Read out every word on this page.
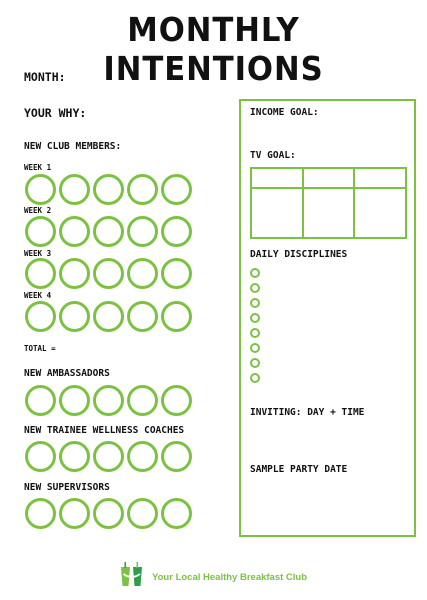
MONTHLY INTENTIONS
MONTH:
YOUR WHY:
NEW CLUB MEMBERS:
WEEK 1
WEEK 2
WEEK 3
WEEK 4
TOTAL =
NEW AMBASSADORS
NEW TRAINEE WELLNESS COACHES
NEW SUPERVISORS
INCOME GOAL:
TV GOAL:

DAILY DISCIPLINES
INVITING: DAY + TIME
SAMPLE PARTY DATE
Your Local Healthy Breakfast Club
